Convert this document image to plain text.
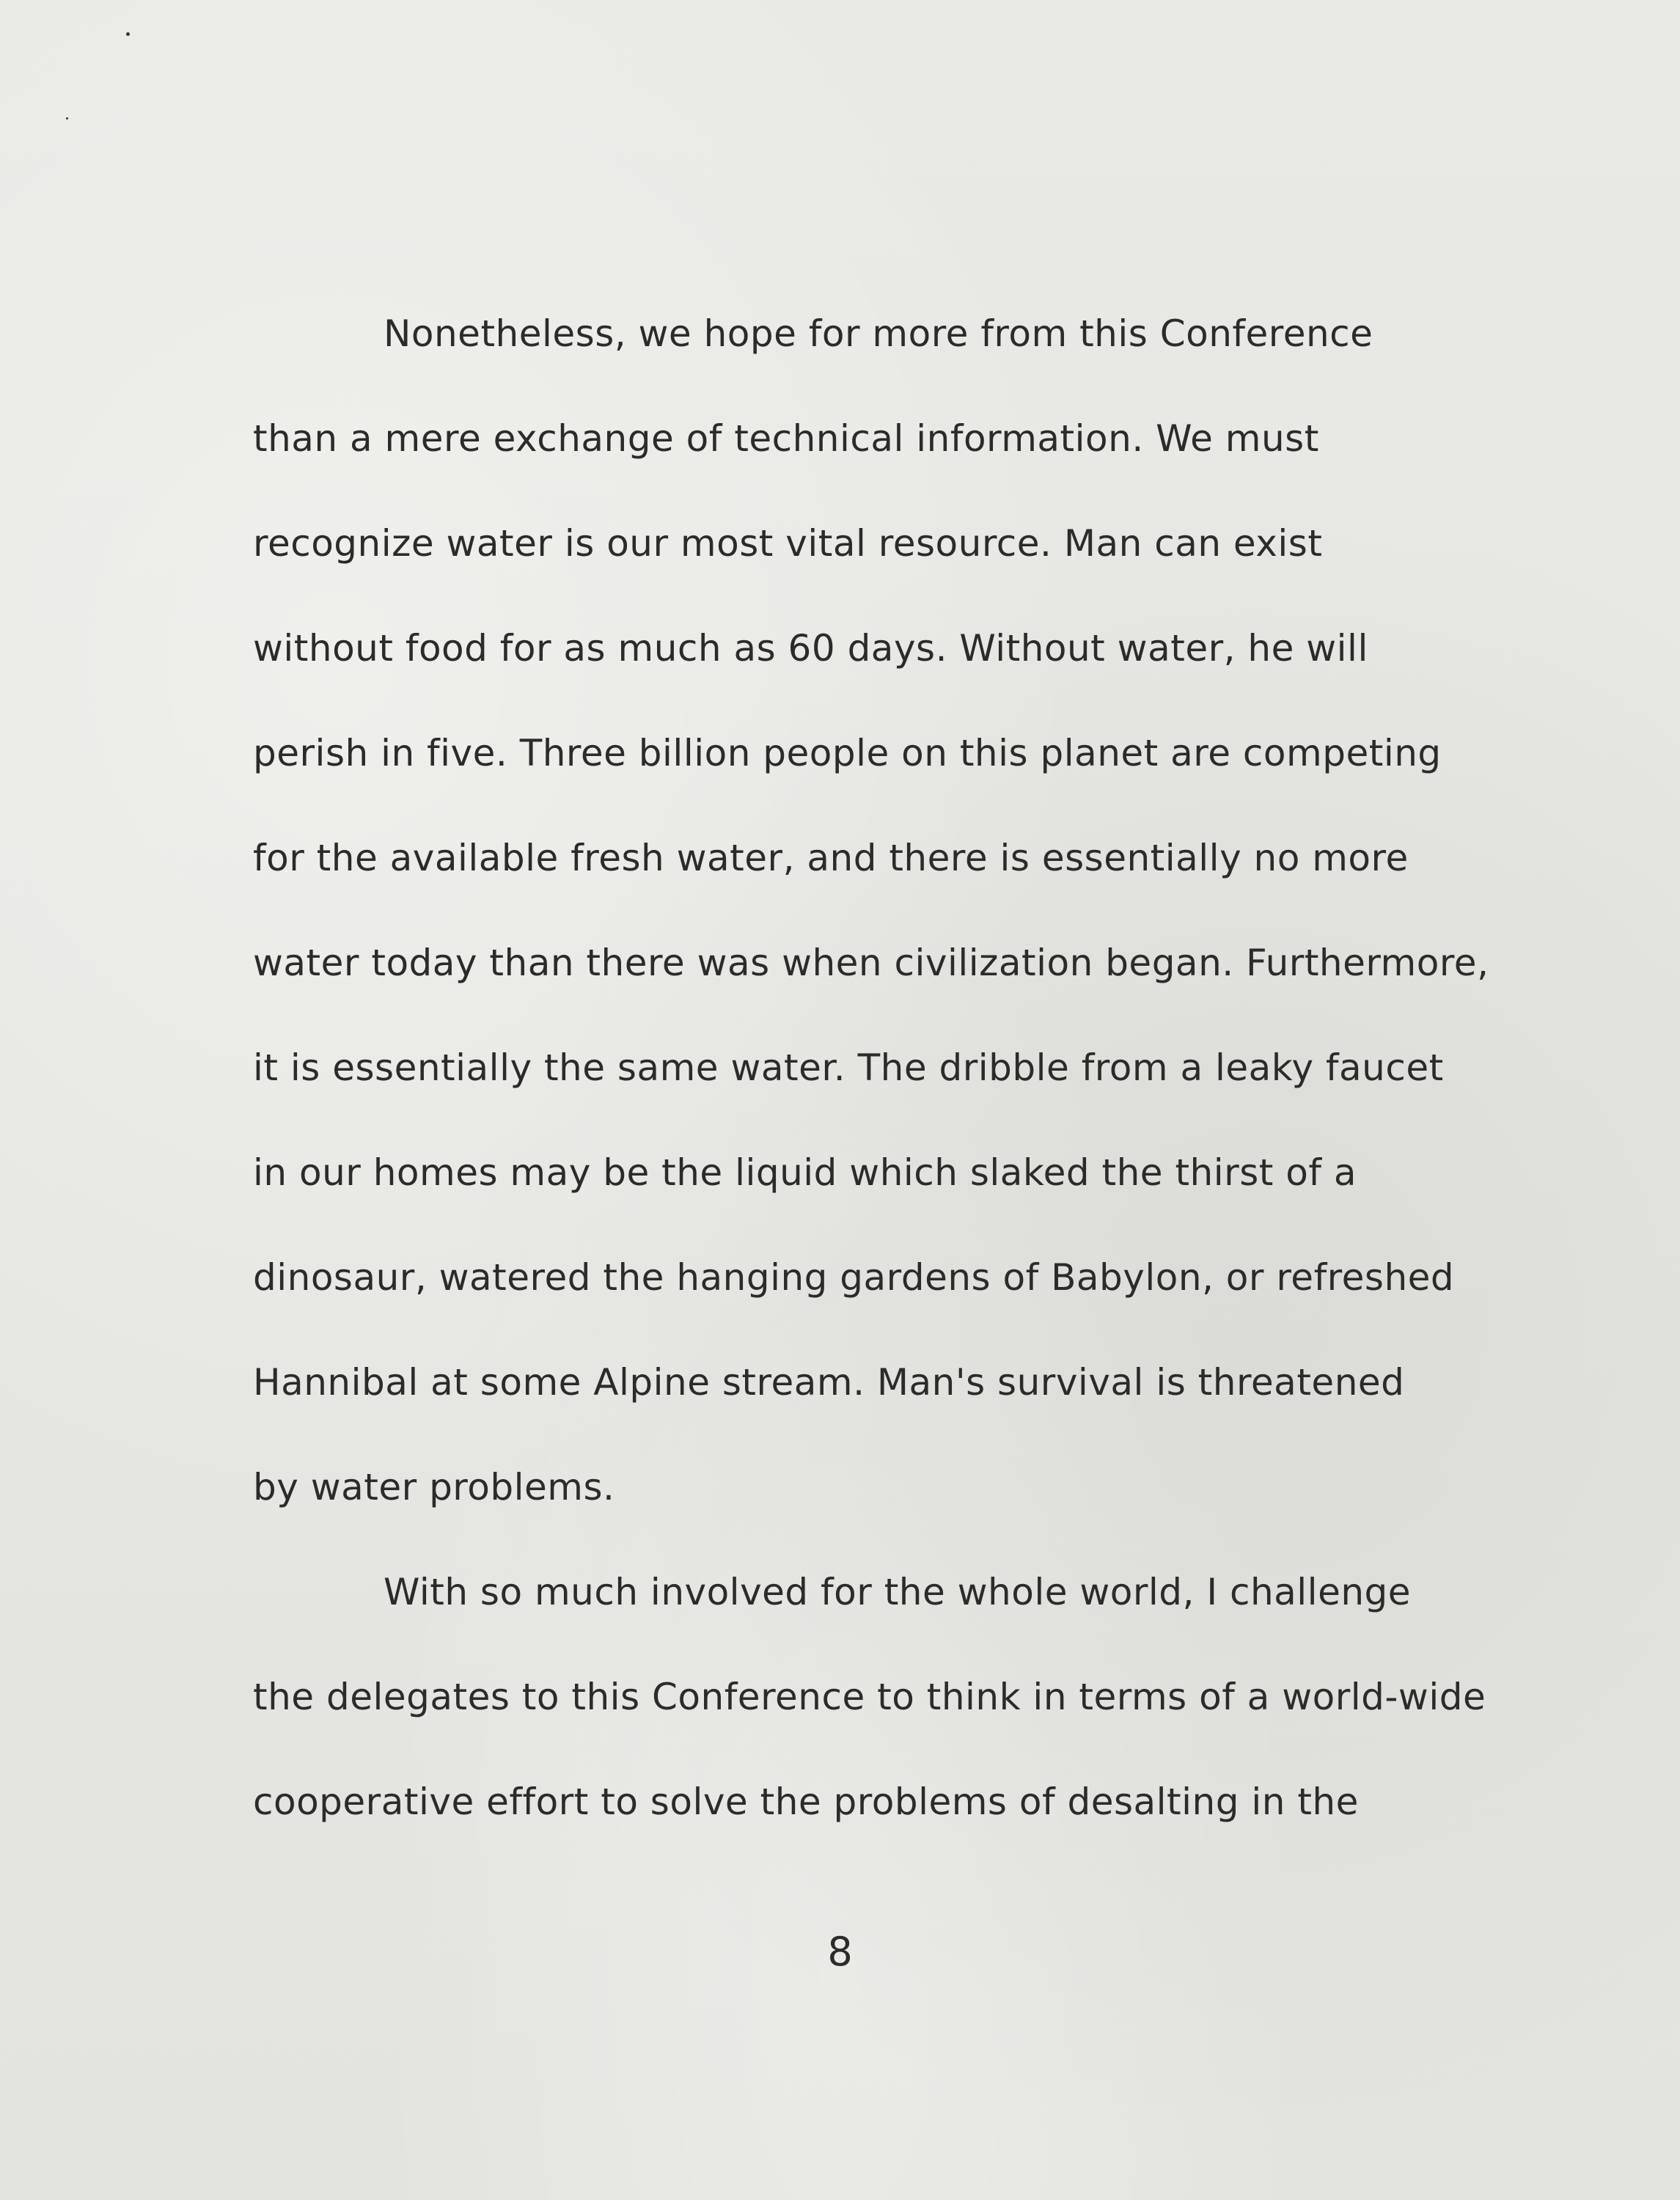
Nonetheless, we hope for more from this Conference
than a mere exchange of technical information. We must
recognize water is our most vital resource. Man can exist
without food for as much as 60 days. Without water, he will
perish in five. Three billion people on this planet are competing
for the available fresh water, and there is essentially no more
water today than there was when civilization began. Furthermore,
it is essentially the same water. The dribble from a leaky faucet
in our homes may be the liquid which slaked the thirst of a
dinosaur, watered the hanging gardens of Babylon, or refreshed
Hannibal at some Alpine stream. Man's survival is threatened
by water problems.
With so much involved for the whole world, I challenge
the delegates to this Conference to think in terms of a world-wide
cooperative effort to solve the problems of desalting in the
8
